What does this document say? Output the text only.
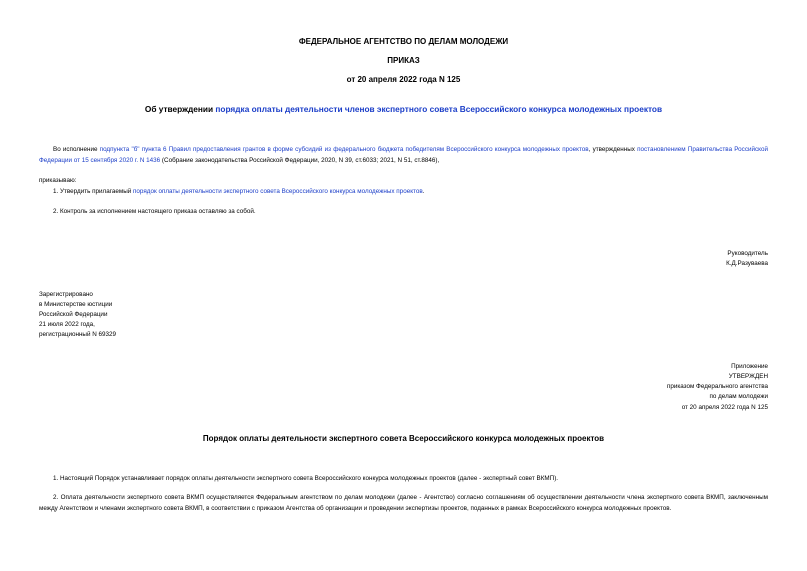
ФЕДЕРАЛЬНОЕ АГЕНТСТВО ПО ДЕЛАМ МОЛОДЕЖИ
ПРИКАЗ
от 20 апреля 2022 года N 125
Об утверждении порядка оплаты деятельности членов экспертного совета Всероссийского конкурса молодежных проектов
Во исполнение подпункта "б" пункта 6 Правил предоставления грантов в форме субсидий из федерального бюджета победителям Всероссийского конкурса молодежных проектов, утвержденных постановлением Правительства Российской Федерации от 15 сентября 2020 г. N 1436 (Собрание законодательства Российской Федерации, 2020, N 39, ст.6033; 2021, N 51, ст.8846),
приказываю:
1. Утвердить прилагаемый порядок оплаты деятельности экспертного совета Всероссийского конкурса молодежных проектов.
2. Контроль за исполнением настоящего приказа оставляю за собой.
Руководитель
К.Д.Разуваева
Зарегистрировано
в Министерстве юстиции
Российской Федерации
21 июля 2022 года,
регистрационный N 69329
Приложение
УТВЕРЖДЕН
приказом Федерального агентства
по делам молодежи
от 20 апреля 2022 года N 125
Порядок оплаты деятельности экспертного совета Всероссийского конкурса молодежных проектов
1. Настоящий Порядок устанавливает порядок оплаты деятельности экспертного совета Всероссийского конкурса молодежных проектов (далее - экспертный совет ВКМП).
2. Оплата деятельности экспертного совета ВКМП осуществляется Федеральным агентством по делам молодежи (далее - Агентство) согласно соглашениям об осуществлении деятельности члена экспертного совета ВКМП, заключенным между Агентством и членами экспертного совета ВКМП, в соответствии с приказом Агентства об организации и проведении экспертизы проектов, поданных в рамках Всероссийского конкурса молодежных проектов.
